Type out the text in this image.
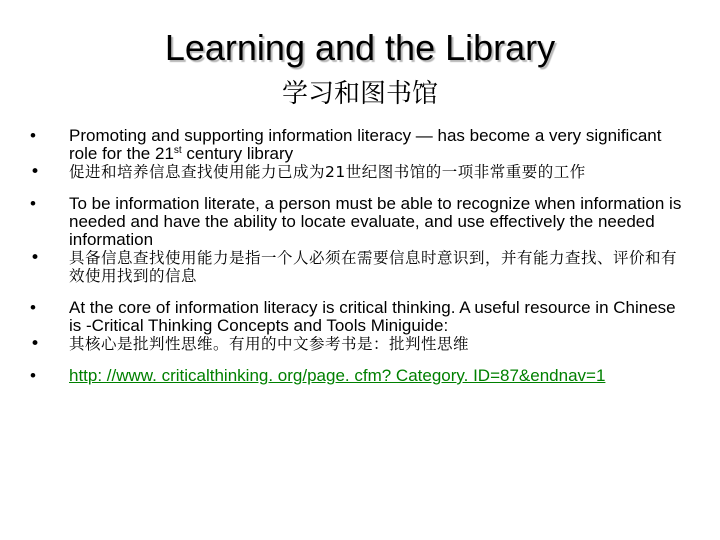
Learning and the Library
学习和图书馆
•	Promoting and supporting information literacy — has become a very significant role for the 21st century library
•	促进和培养信息查找使用能力已成为21世纪图书馆的一项非常重要的工作
•	To be information literate, a person must be able to recognize when information is needed and have the ability to locate evaluate, and use effectively the needed information
•	具备信息查找使用能力是指一个人必须在需要信息时意识到，并有能力查找、评价和有效使用找到的信息
•	At the core of information literacy is critical thinking. A useful resource in Chinese is -Critical Thinking Concepts and Tools Miniguide:
•	其核心是批判性思维。有用的中文参考书是：批判性思维
•	http: //www. criticalthinking. org/page. cfm? Category. ID=87&endnav=1
